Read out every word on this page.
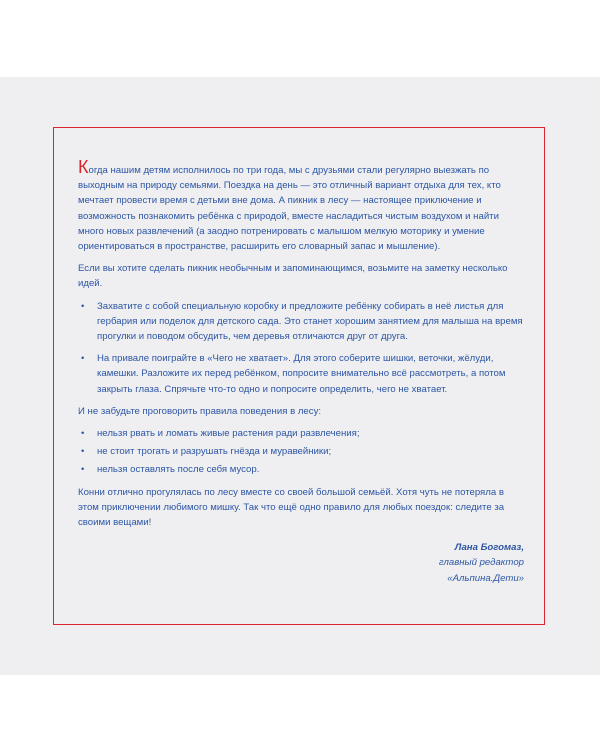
Когда нашим детям исполнилось по три года, мы с друзьями стали регулярно выезжать по выходным на природу семьями. Поездка на день — это отличный вариант отдыха для тех, кто мечтает провести время с детьми вне дома. А пикник в лесу — настоящее приключение и возможность познакомить ребёнка с природой, вместе насладиться чистым воздухом и найти много новых развлечений (а заодно потренировать с малышом мелкую моторику и умение ориентироваться в пространстве, расширить его словарный запас и мышление).

Если вы хотите сделать пикник необычным и запоминающимся, возьмите на заметку несколько идей.

• Захватите с собой специальную коробку и предложите ребёнку собирать в неё листья для гербария или поделок для детского сада. Это станет хорошим занятием для малыша на время прогулки и поводом обсудить, чем деревья отличаются друг от друга.
• На привале поиграйте в «Чего не хватает». Для этого соберите шишки, веточки, жёлуди, камешки. Разложите их перед ребёнком, попросите внимательно всё рассмотреть, а потом закрыть глаза. Спрячьте что-то одно и попросите определить, чего не хватает.

И не забудьте проговорить правила поведения в лесу:

• нельзя рвать и ломать живые растения ради развлечения;
• не стоит трогать и разрушать гнёзда и муравейники;
• нельзя оставлять после себя мусор.

Конни отлично прогулялась по лесу вместе со своей большой семьёй. Хотя чуть не потеряла в этом приключении любимого мишку. Так что ещё одно правило для любых поездок: следите за своими вещами!

Лана Богомаз,
главный редактор
«Альпина.Дети»
